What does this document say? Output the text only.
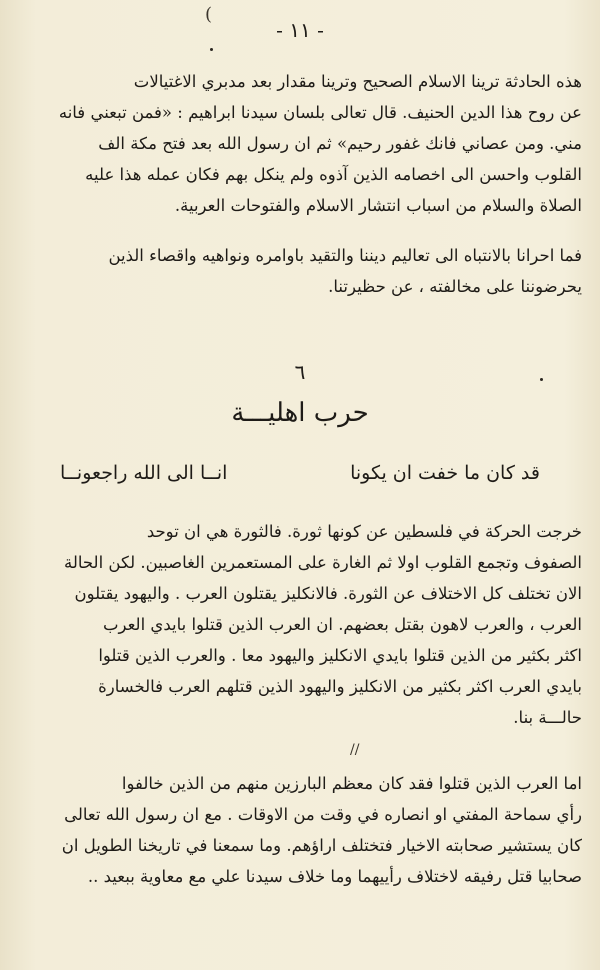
(
- ١١ -
هذه الحادثة ترينا الاسلام الصحيح وترينا مقدار بعد مدبري الاغتيالات
عن روح هذا الدين الحنيف. قال تعالى بلسان سيدنا ابراهيم : «فمن تبعني فانه
مني. ومن عصاني فانك غفور رحيم» ثم ان رسول الله بعد فتح مكة الف
القلوب واحسن الى اخصامه الذين آذوه ولم ينكل بهم فكان عمله هذا عليه
الصلاة والسلام من اسباب انتشار الاسلام والفتوحات العربية.
فما احرانا بالانتباه الى تعاليم ديننا والتقيد باوامره ونواهيه واقصاء الذين
يحرضوننا على مخالفته ، عن حظيرتنا.
٦
حرب اهليـــة
قد كان ما خفت ان يكونا
انــا الى الله راجعونــا
خرجت الحركة في فلسطين عن كونها ثورة. فالثورة هي ان توحد
الصفوف وتجمع القلوب اولا ثم الغارة على المستعمرين الغاصبين. لكن الحالة
الان تختلف كل الاختلاف عن الثورة. فالانكليز يقتلون العرب . واليهود يقتلون
العرب ، والعرب لاهون بقتل بعضهم. ان العرب الذين قتلوا بايدي العرب
اكثر بكثير من الذين قتلوا بايدي الانكليز واليهود معا . والعرب الذين قتلوا
بايدي العرب اكثر بكثير من الانكليز واليهود الذين قتلهم العرب فالخسارة
حالـــة بنا.
//
اما العرب الذين قتلوا فقد كان معظم البارزين منهم من الذين خالفوا
رأي سماحة المفتي او انصاره في وقت من الاوقات . مع ان رسول الله تعالى
كان يستشير صحابته الاخيار فتختلف اراؤهم. وما سمعنا في تاريخنا الطويل ان
صحابيا قتل رفيقه لاختلاف رأييهما وما خلاف سيدنا علي مع معاوية ببعيد ..
